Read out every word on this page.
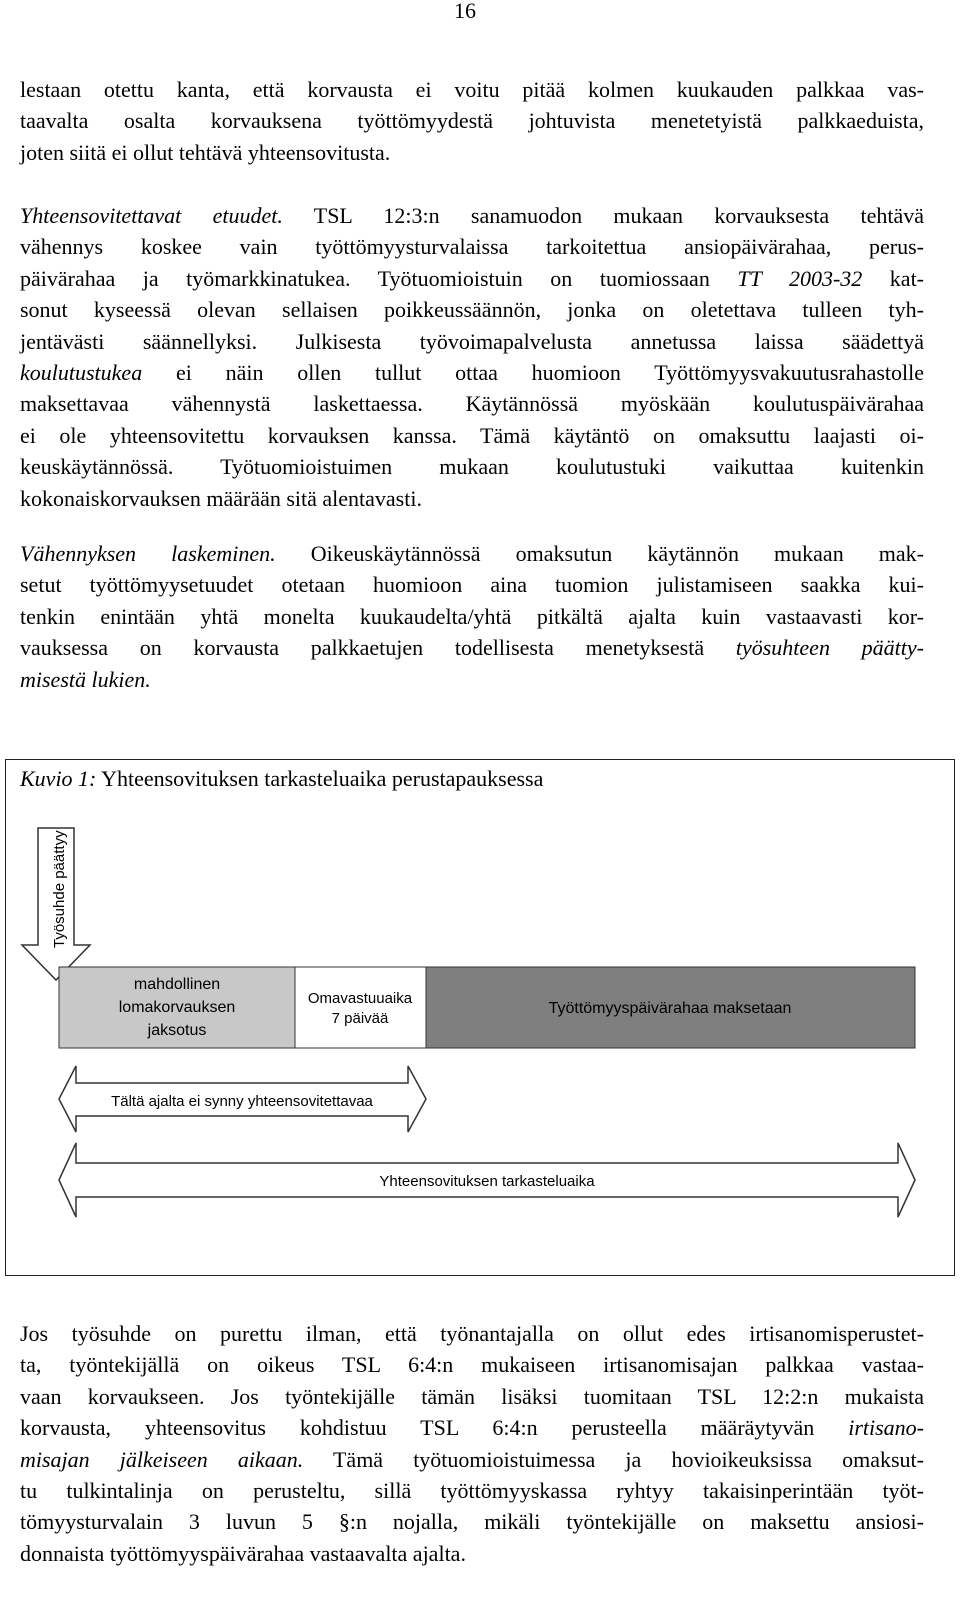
16
lestaan otettu kanta, että korvausta ei voitu pitää kolmen kuukauden palkkaa vas-
taavalta osalta korvauksena työttömyydestä johtuvista menetetyistä palkkaeduista,
joten siitä ei ollut tehtävä yhteensovitusta.
Yhteensovitettavat etuudet. TSL 12:3:n sanamuodon mukaan korvauksesta tehtävä
vähennys koskee vain työttömyysturvalaissa tarkoitettua ansiopäivärahaa, perus-
päivärahaa ja työmarkkinatukea. Työtuomioistuin on tuomiossaan TT 2003-32 kat-
sonut kyseessä olevan sellaisen poikkeussäännön, jonka on oletettava tulleen tyh-
jentävästi säännellyksi. Julkisesta työvoimapalvelusta annetussa laissa säädettyä
koulutustukea ei näin ollen tullut ottaa huomioon Työttömyysvakuutusrahastolle
maksettavaa vähennystä laskettaessa. Käytännössä myöskään koulutuspäivärahaa
ei ole yhteensovitettu korvauksen kanssa. Tämä käytäntö on omaksuttu laajasti oi-
keuskäytännössä. Työtuomioistuimen mukaan koulutustuki vaikuttaa kuitenkin
kokonaiskorvauksen määrään sitä alentavasti.
Vähennyksen laskeminen. Oikeuskäytännössä omaksutun käytännön mukaan mak-
setut työttömyysetuudet otetaan huomioon aina tuomion julistamiseen saakka kui-
tenkin enintään yhtä monelta kuukaudelta/yhtä pitkältä ajalta kuin vastaavasti kor-
vauksessa on korvausta palkkaetujen todellisesta menetyksestä työsuhteen päätty-
misestä lukien.
Kuvio 1: Yhteensovituksen tarkasteluaika perustapauksessa
Työsuhde päättyy
mahdollinen
lomakorvauksen
jaksotus
Omavastuuaika
7 päivää
Työttömyyspäivärahaa maksetaan
Tältä ajalta ei synny yhteensovitettavaa
Yhteensovituksen tarkasteluaika
Jos työsuhde on purettu ilman, että työnantajalla on ollut edes irtisanomisperustet-
ta, työntekijällä on oikeus TSL 6:4:n mukaiseen irtisanomisajan palkkaa vastaa-
vaan korvaukseen. Jos työntekijälle tämän lisäksi tuomitaan TSL 12:2:n mukaista
korvausta, yhteensovitus kohdistuu TSL 6:4:n perusteella määräytyvän irtisano-
misajan jälkeiseen aikaan. Tämä työtuomioistuimessa ja hovioikeuksissa omaksut-
tu tulkintalinja on perusteltu, sillä työttömyyskassa ryhtyy takaisinperintään työt-
tömyysturvalain 3 luvun 5 §:n nojalla, mikäli työntekijälle on maksettu ansiosi-
donnaista työttömyyspäivärahaa vastaavalta ajalta.
